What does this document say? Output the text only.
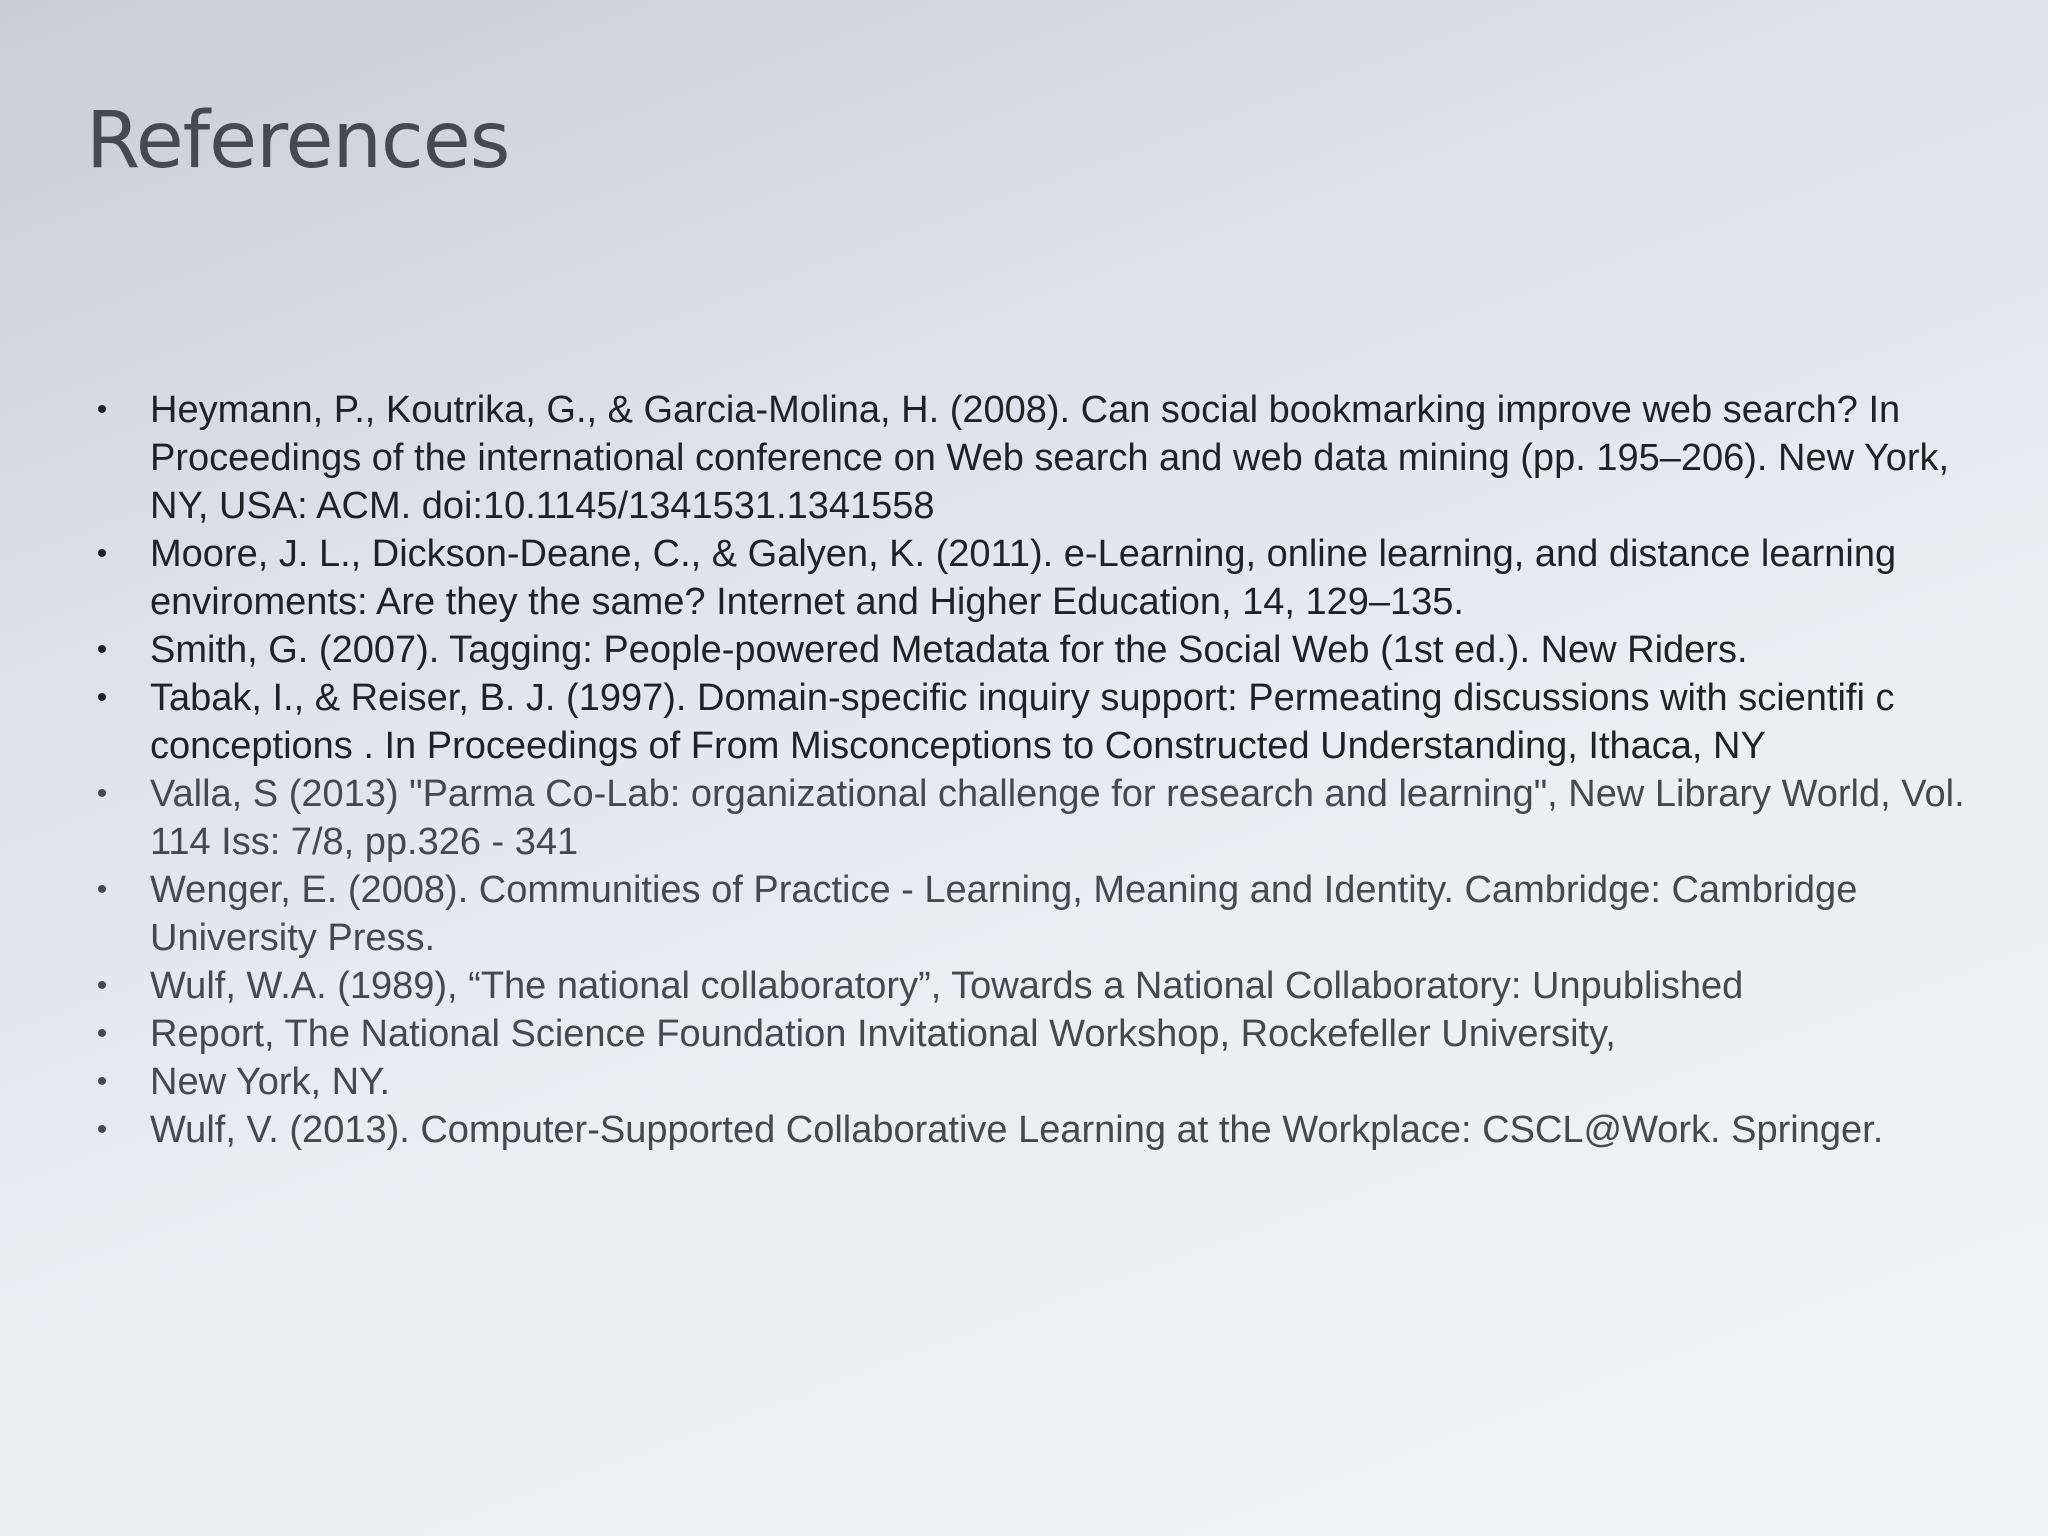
References
• Heymann, P., Koutrika, G., & Garcia-Molina, H. (2008). Can social bookmarking improve web search? In Proceedings of the international conference on Web search and web data mining (pp. 195–206). New York, NY, USA: ACM. doi:10.1145/1341531.1341558
• Moore, J. L., Dickson-Deane, C., & Galyen, K. (2011). e-Learning, online learning, and distance learning enviroments: Are they the same? Internet and Higher Education, 14, 129–135.
• Smith, G. (2007). Tagging: People-powered Metadata for the Social Web (1st ed.). New Riders.
• Tabak, I., & Reiser, B. J. (1997). Domain-specific inquiry support: Permeating discussions with scientifi c conceptions . In Proceedings of From Misconceptions to Constructed Understanding, Ithaca, NY
• Valla, S (2013) "Parma Co-Lab: organizational challenge for research and learning", New Library World, Vol. 114 Iss: 7/8, pp.326 - 341
• Wenger, E. (2008). Communities of Practice - Learning, Meaning and Identity. Cambridge: Cambridge University Press.
• Wulf, W.A. (1989), “The national collaboratory”, Towards a National Collaboratory: Unpublished
• Report, The National Science Foundation Invitational Workshop, Rockefeller University,
• New York, NY.
• Wulf, V. (2013). Computer-Supported Collaborative Learning at the Workplace: CSCL@Work. Springer.
